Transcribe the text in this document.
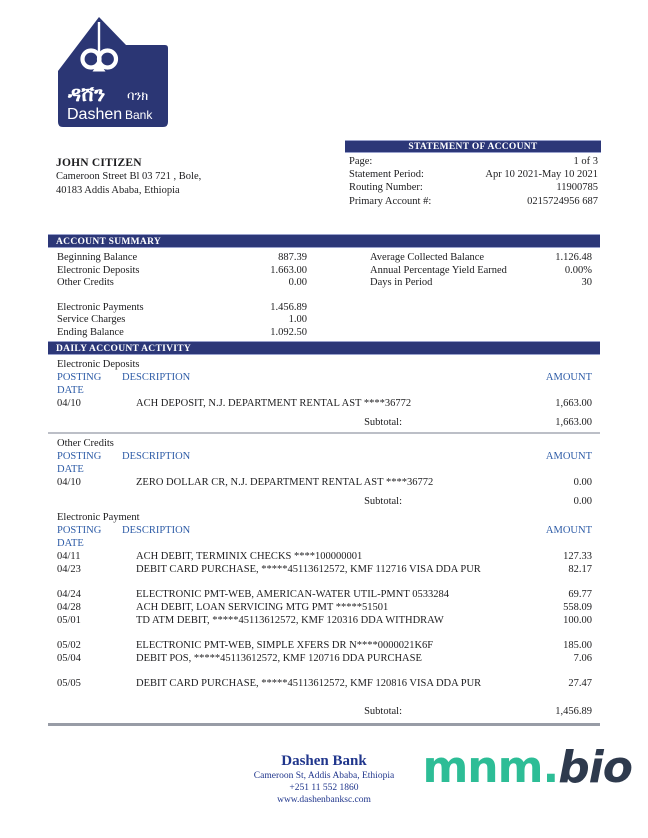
ዳሸን ባንክ
Dashen Bank
JOHN CITIZEN
Cameroon Street Bl 03 721 , Bole,
40183 Addis Ababa, Ethiopia
STATEMENT OF ACCOUNT
Page:	1 of 3
Statement Period:	Apr 10 2021-May 10 2021
Routing Number:	11900785
Primary Account #:	0215724956 687
ACCOUNT SUMMARY
Beginning Balance	887.39
Electronic Deposits	1.663.00
Other Credits	0.00
Electronic Payments	1.456.89
Service Charges	1.00
Ending Balance	1.092.50
Average Collected Balance	1.126.48
Annual Percentage Yield Earned	0.00%
Days in Period	30
DAILY ACCOUNT ACTIVITY
Electronic Deposits
POSTING DATE
DESCRIPTION	AMOUNT
04/10	ACH DEPOSIT, N.J. DEPARTMENT RENTAL AST ****36772	1,663.00
Subtotal:	1,663.00
Other Credits
POSTING DATE
DESCRIPTION	AMOUNT
04/10	ZERO DOLLAR CR, N.J. DEPARTMENT RENTAL AST ****36772	0.00
Subtotal:	0.00
Electronic Payment
POSTING DATE
DESCRIPTION	AMOUNT
04/11	ACH DEBIT, TERMINIX CHECKS ****100000001	127.33
04/23	DEBIT CARD PURCHASE, *****45113612572, KMF 112716 VISA DDA PUR	82.17
04/24	ELECTRONIC PMT-WEB, AMERICAN-WATER UTIL-PMNT 0533284	69.77
04/28	ACH DEBIT, LOAN SERVICING MTG PMT *****51501	558.09
05/01	TD ATM DEBIT, *****45113612572, KMF 120316 DDA WITHDRAW	100.00
05/02	ELECTRONIC PMT-WEB, SIMPLE XFERS DR N****0000021K6F	185.00
05/04	DEBIT POS, *****45113612572, KMF 120716 DDA PURCHASE	7.06
05/05	DEBIT CARD PURCHASE, *****45113612572, KMF 120816 VISA DDA PUR	27.47
Subtotal:	1,456.89
Dashen Bank
Cameroon St, Addis Ababa, Ethiopia
+251 11 552 1860
www.dashenbanksc.com
mnm.bio
